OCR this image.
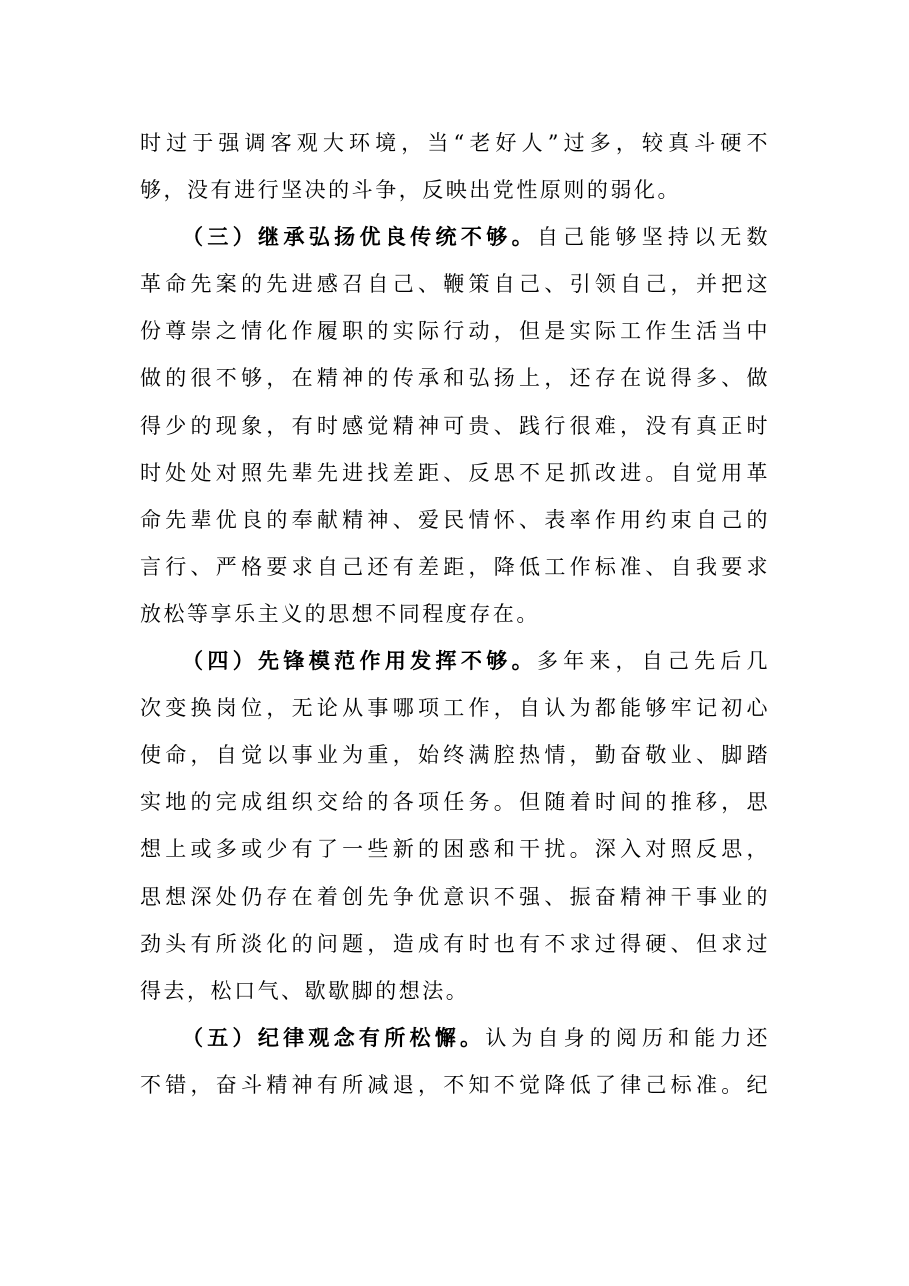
时过于强调客观大环境，当“老好人”过多，较真斗硬不
够，没有进行坚决的斗争，反映出党性原则的弱化。
（三）继承弘扬优良传统不够。自己能够坚持以无数
革命先案的先进感召自己、鞭策自己、引领自己，并把这
份尊崇之情化作履职的实际行动，但是实际工作生活当中
做的很不够，在精神的传承和弘扬上，还存在说得多、做
得少的现象，有时感觉精神可贵、践行很难，没有真正时
时处处对照先辈先进找差距、反思不足抓改进。自觉用革
命先辈优良的奉献精神、爱民情怀、表率作用约束自己的
言行、严格要求自己还有差距，降低工作标准、自我要求
放松等享乐主义的思想不同程度存在。
（四）先锋模范作用发挥不够。多年来，自己先后几
次变换岗位，无论从事哪项工作，自认为都能够牢记初心
使命，自觉以事业为重，始终满腔热情，勤奋敬业、脚踏
实地的完成组织交给的各项任务。但随着时间的推移，思
想上或多或少有了一些新的困惑和干扰。深入对照反思，
思想深处仍存在着创先争优意识不强、振奋精神干事业的
劲头有所淡化的问题，造成有时也有不求过得硬、但求过
得去，松口气、歇歇脚的想法。
（五）纪律观念有所松懈。认为自身的阅历和能力还
不错，奋斗精神有所减退，不知不觉降低了律己标准。纪
